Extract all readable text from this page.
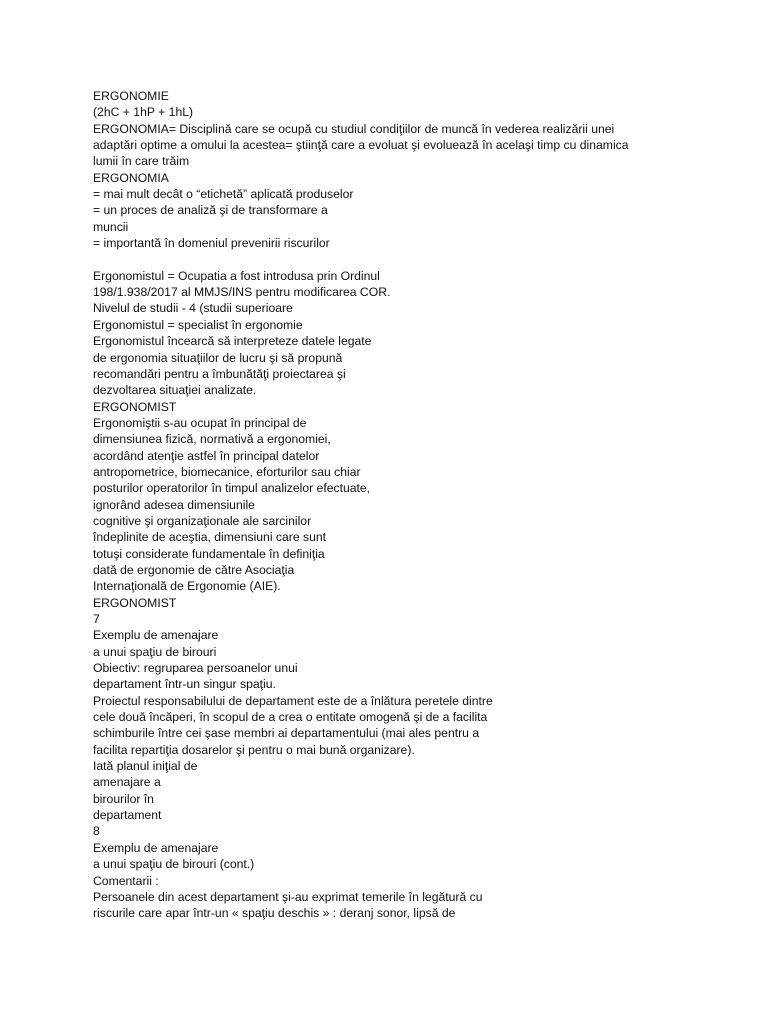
ERGONOMIE
(2hC + 1hP + 1hL)
ERGONOMIA= Disciplină care se ocupă cu studiul condiţiilor de muncă în vederea realizării unei
adaptări optime a omului la acestea= ştiinţă care a evoluat şi evoluează în acelaşi timp cu dinamica
lumii în care trăim
ERGONOMIA
= mai mult decât o “etichetă” aplicată produselor
= un proces de analiză şi de transformare a
muncii
= importantă în domeniul prevenirii riscurilor
Ergonomistul = Ocupatia a fost introdusa prin Ordinul
198/1.938/2017 al MMJS/INS pentru modificarea COR.
Nivelul de studii - 4 (studii superioare
Ergonomistul = specialist în ergonomie
Ergonomistul încearcă să interpreteze datele legate
de ergonomia situaţiilor de lucru şi să propună
recomandări pentru a îmbunătăţi proiectarea şi
dezvoltarea situaţiei analizate.
ERGONOMIST
Ergonomiştii s-au ocupat în principal de
dimensiunea fizică, normativă a ergonomiei,
acordând atenţie astfel în principal datelor
antropometrice, biomecanice, eforturilor sau chiar
posturilor operatorilor în timpul analizelor efectuate,
ignorând adesea dimensiunile
cognitive şi organizaţionale ale sarcinilor
îndeplinite de aceştia, dimensiuni care sunt
totuşi considerate fundamentale în definiţia
dată de ergonomie de către Asociaţia
Internaţională de Ergonomie (AIE).
ERGONOMIST
7
Exemplu de amenajare
a unui spaţiu de birouri
Obiectiv: regruparea persoanelor unui
departament într-un singur spaţiu.
Proiectul responsabilului de departament este de a înlătura peretele dintre
cele două încăperi, în scopul de a crea o entitate omogenă şi de a facilita
schimburile între cei şase membri ai departamentului (mai ales pentru a
facilita repartiţia dosarelor şi pentru o mai bună organizare).
Iată planul iniţial de
amenajare a
birourilor în
departament
8
Exemplu de amenajare
a unui spaţiu de birouri (cont.)
Comentarii :
Persoanele din acest departament şi-au exprimat temerile în legătură cu
riscurile care apar într-un « spaţiu deschis » : deranj sonor, lipsă de
